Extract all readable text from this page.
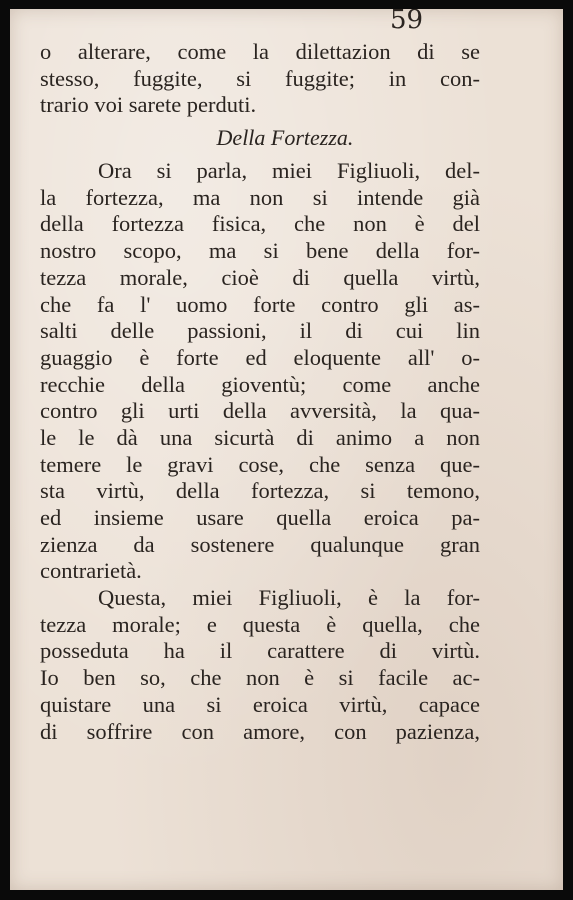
59
o alterare, come la dilettazion di se
stesso, fuggite, si fuggite; in con-
trario voi sarete perduti.
Della Fortezza.
Ora si parla, miei Figliuoli, del-
la fortezza, ma non si intende già
della fortezza fisica, che non è del
nostro scopo, ma si bene della for-
tezza morale, cioè di quella virtù,
che fa l' uomo forte contro gli as-
salti delle passioni, il di cui lin
guaggio è forte ed eloquente all' o-
recchie della gioventù; come anche
contro gli urti della avversità, la qua-
le le dà una sicurtà di animo a non
temere le gravi cose, che senza que-
sta virtù, della fortezza, si temono,
ed insieme usare quella eroica pa-
zienza da sostenere qualunque gran
contrarietà.
Questa, miei Figliuoli, è la for-
tezza morale; e questa è quella, che
posseduta ha il carattere di virtù.
Io ben so, che non è si facile ac-
quistare una si eroica virtù, capace
di soffrire con amore, con pazienza,
